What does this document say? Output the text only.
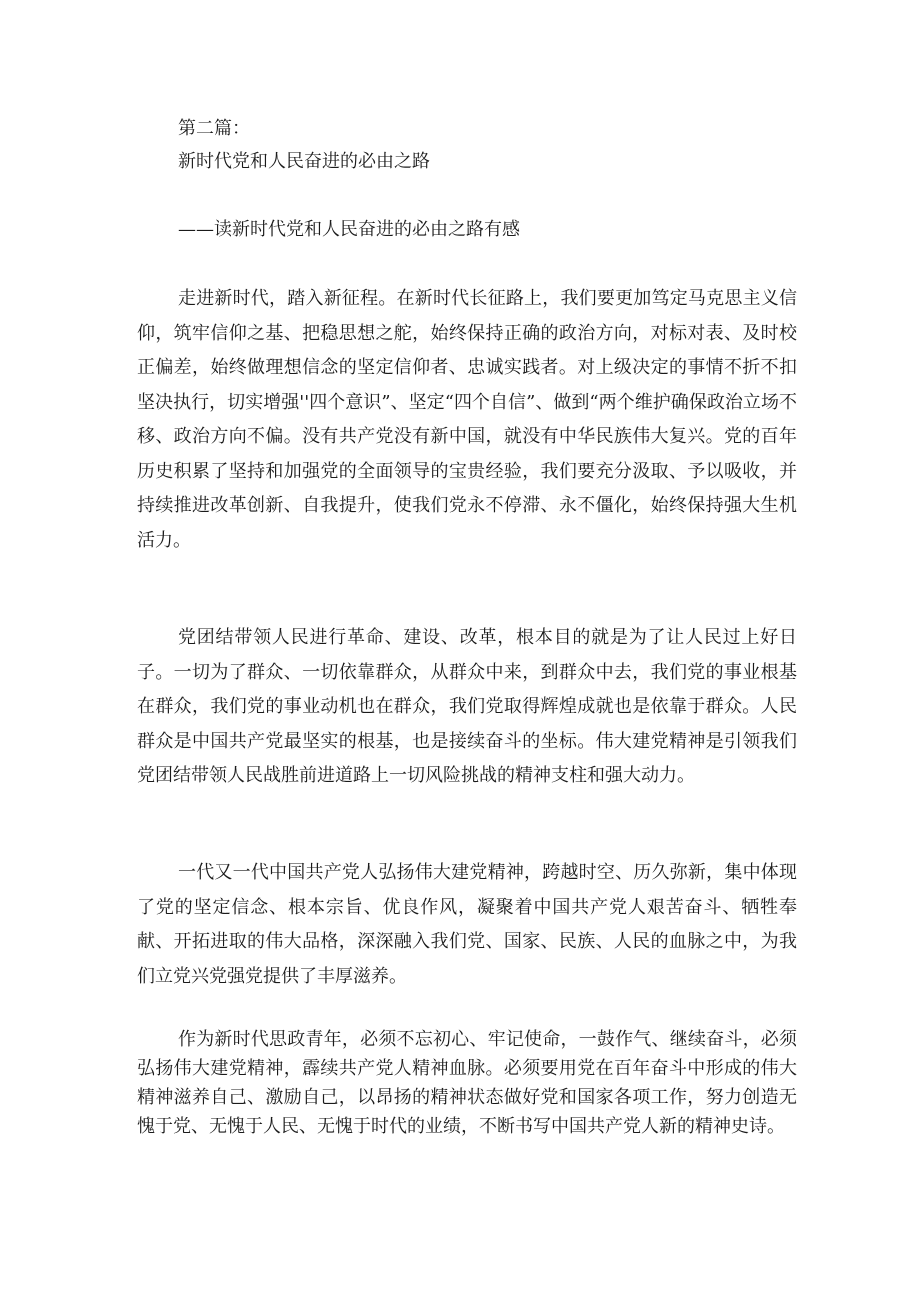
第二篇：
新时代党和人民奋进的必由之路
——读新时代党和人民奋进的必由之路有感

走进新时代，踏入新征程。在新时代长征路上，我们要更加笃定马克思主义信仰，筑牢信仰之基、把稳思想之舵，始终保持正确的政治方向，对标对表、及时校正偏差，始终做理想信念的坚定信仰者、忠诚实践者。对上级决定的事情不折不扣坚决执行，切实增强''四个意识”、坚定“四个自信”、做到“两个维护确保政治立场不移、政治方向不偏。没有共产党没有新中国，就没有中华民族伟大复兴。党的百年历史积累了坚持和加强党的全面领导的宝贵经验，我们要充分汲取、予以吸收，并持续推进改革创新、自我提升，使我们党永不停滞、永不僵化，始终保持强大生机活力。

党团结带领人民进行革命、建设、改革，根本目的就是为了让人民过上好日子。一切为了群众、一切依靠群众，从群众中来，到群众中去，我们党的事业根基在群众，我们党的事业动机也在群众，我们党取得辉煌成就也是依靠于群众。人民群众是中国共产党最坚实的根基，也是接续奋斗的坐标。伟大建党精神是引领我们党团结带领人民战胜前进道路上一切风险挑战的精神支柱和强大动力。

一代又一代中国共产党人弘扬伟大建党精神，跨越时空、历久弥新，集中体现了党的坚定信念、根本宗旨、优良作风，凝聚着中国共产党人艰苦奋斗、牺牲奉献、开拓进取的伟大品格，深深融入我们党、国家、民族、人民的血脉之中，为我们立党兴党强党提供了丰厚滋养。

作为新时代思政青年，必须不忘初心、牢记使命，一鼓作气、继续奋斗，必须弘扬伟大建党精神，霹续共产党人精神血脉。必须要用党在百年奋斗中形成的伟大精神滋养自己、激励自己，以昂扬的精神状态做好党和国家各项工作，努力创造无愧于党、无愧于人民、无愧于时代的业绩，不断书写中国共产党人新的精神史诗。
